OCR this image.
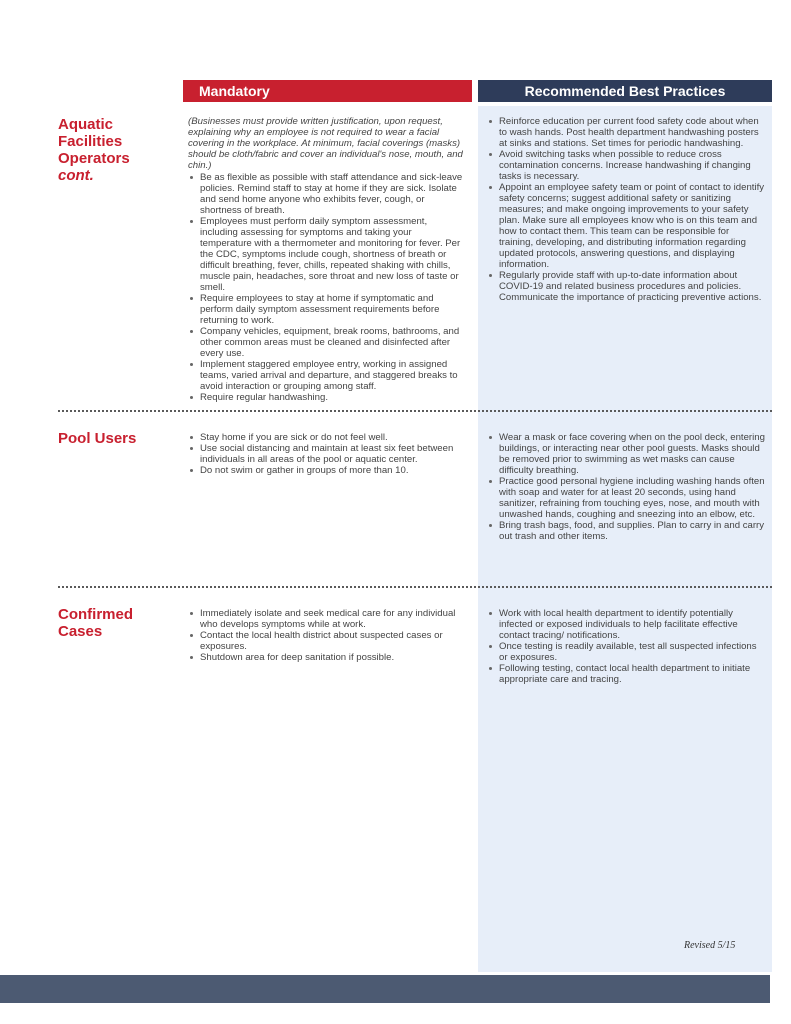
Mandatory	Recommended Best Practices
Aquatic
Facilities
Operators
cont.

(Businesses must provide written justification, upon request, explaining why an employee is not required to wear a facial covering in the workplace. At minimum, facial coverings (masks) should be cloth/fabric and cover an individual's nose, mouth, and chin.)

Be as flexible as possible with staff attendance and sick-leave policies. Remind staff to stay at home if they are sick. Isolate and send home anyone who exhibits fever, cough, or shortness of breath.
Employees must perform daily symptom assessment, including assessing for symptoms and taking your temperature with a thermometer and monitoring for fever. Per the CDC, symptoms include cough, shortness of breath or difficult breathing, fever, chills, repeated shaking with chills, muscle pain, headaches, sore throat and new loss of taste or smell.
Require employees to stay at home if symptomatic and perform daily symptom assessment requirements before returning to work.
Company vehicles, equipment, break rooms, bathrooms, and other common areas must be cleaned and disinfected after every use.
Implement staggered employee entry, working in assigned teams, varied arrival and departure, and staggered breaks to avoid interaction or grouping among staff.
Require regular handwashing.
Reinforce education per current food safety code about when to wash hands. Post health department handwashing posters at sinks and stations. Set times for periodic handwashing.
Avoid switching tasks when possible to reduce cross contamination concerns. Increase handwashing if changing tasks is necessary.
Appoint an employee safety team or point of contact to identify safety concerns; suggest additional safety or sanitizing measures; and make ongoing improvements to your safety plan. Make sure all employees know who is on this team and how to contact them. This team can be responsible for training, developing, and distributing information regarding updated protocols, answering questions, and displaying information.
Regularly provide staff with up-to-date information about COVID-19 and related business procedures and policies. Communicate the importance of practicing preventive actions.
Pool Users	Stay home if you are sick or do not feel well.
Use social distancing and maintain at least six feet between individuals in all areas of the pool or aquatic center.
Do not swim or gather in groups of more than 10.
Wear a mask or face covering when on the pool deck, entering buildings, or interacting near other pool guests. Masks should be removed prior to swimming as wet masks can cause difficulty breathing.
Practice good personal hygiene including washing hands often with soap and water for at least 20 seconds, using hand sanitizer, refraining from touching eyes, nose, and mouth with unwashed hands, coughing and sneezing into an elbow, etc.
Bring trash bags, food, and supplies. Plan to carry in and carry out trash and other items.
Confirmed
Cases
Immediately isolate and seek medical care for any individual who develops symptoms while at work.
Contact the local health district about suspected cases or exposures.
Shutdown area for deep sanitation if possible.
Work with local health department to identify potentially infected or exposed individuals to help facilitate effective contact tracing/ notifications.
Once testing is readily available, test all suspected infections or exposures.
Following testing, contact local health department to initiate appropriate care and tracing.
Revised 5/15
